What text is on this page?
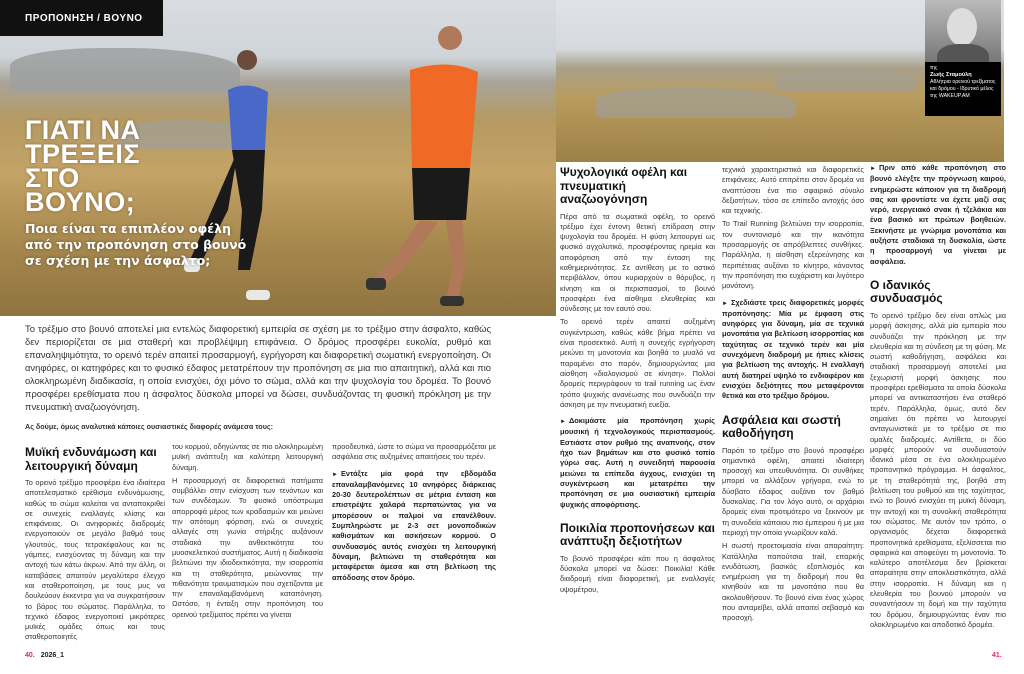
ΠΡΟΠΟΝΗΣΗ / ΒΟΥΝΟ
ΓΙΑΤΙ ΝΑ
ΤΡΕΞΕΙΣ
ΣΤΟ
ΒΟΥΝΟ;
Ποια είναι τα επιπλέον οφέλη από την προπόνηση στο βουνό σε σχέση με την άσφαλτο;
της
Ζωής Σταμούλη
Αθλήτρια ορεινού τρεξίματος και δρόμου - Ιδρυτικό μέλος της WAKEUP.AM
Το τρέξιμο στο βουνό αποτελεί μια εντελώς διαφορετική εμπειρία σε σχέση με το τρέξιμο στην άσφαλτο, καθώς δεν περιορίζεται σε μια σταθερή και προβλέψιμη επιφάνεια. Ο δρόμος προσφέρει ευκολία, ρυθμό και επαναληψιμότητα, το ορεινό τερέν απαιτεί προσαρμογή, εγρήγορση και διαφορετική σωματική ενεργοποίηση. Οι ανηφόρες, οι κατηφόρες και το φυσικό έδαφος μετατρέπουν την προπόνηση σε μια πιο απαιτητική, αλλά και πιο ολοκληρωμένη διαδικασία, η οποία ενισχύει, όχι μόνο το σώμα, αλλά και την ψυχολογία του δρομέα. Το βουνό προσφέρει ερεθίσματα που η άσφαλτος δύσκολα μπορεί να δώσει, συνδυάζοντας τη φυσική πρόκληση με την πνευματική αναζωογόνηση.
Ας δούμε, όμως αναλυτικά κάποιες ουσιαστικές διαφορές ανάμεσα τους:
Μυϊκή ενδυνάμωση και λειτουργική δύναμη

Το ορεινό τρέξιμο προσφέρει ένα ιδιαίτερα αποτελεσματικό ερέθισμα ενδυνάμωσης, καθώς το σώμα καλείται να ανταποκριθεί σε συνεχείς εναλλαγές κλίσης και επιφάνειας. Οι ανηφορικές διαδρομές ενεργοποιούν σε μεγάλο βαθμό τους γλουτούς, τους τετρακέφαλους και τις γάμπες, ενισχύοντας τη δύναμη και την αντοχή των κάτω άκρων. Από την άλλη, οι καταβάσεις απαιτούν μεγαλύτερο έλεγχο και σταθεροποίηση, με τους μυς να δουλεύουν έκκεντρα για να συγκρατήσουν το βάρος του σώματος. Παράλληλα, το τεχνικό έδαφος ενεργοποιεί μικρότερες μυϊκές ομάδες όπως και τους σταθεροποιητές

του κορμού, οδηγώντας σε πιο ολοκληρωμένη μυϊκή ανάπτυξη και καλύτερη λειτουργική δύναμη.

Η προσαρμογή σε διαφορετικά πατήματα συμβάλλει στην ενίσχυση των τενόντων και των συνδέσμων. Το φυσικό υπόστρωμα απορροφά μέρος των κραδασμών και μειώνει την απότομη φόρτιση, ενώ οι συνεχείς αλλαγές στη γωνία στήριξης αυξάνουν σταδιακά την ανθεκτικότητα του μυοσκελετικού συστήματος. Αυτή η διαδικασία βελτιώνει την ιδιοδεκτικότητα, την ισορροπία και τη σταθερότητα, μειώνοντας την πιθανότητα τραυματισμών που σχετίζονται με την επαναλαμβανόμενη καταπόνηση. Ωστόσο, η ένταξη στην προπόνηση του ορεινού τρεξίματος πρέπει να γίνεται

προοδευτικά, ώστε το σώμα να προσαρμόζεται με ασφάλεια στις αυξημένες απαιτήσεις του τερέν.

► Εντάξτε μία φορά την εβδομάδα επαναλαμβανόμενες 10 ανηφόρες διάρκειας 20-30 δευτερολέπτων σε μέτρια ένταση και επιστρέψτε χαλαρά περπατώντας για να μπορέσουν οι παλμοί να επανέλθουν. Συμπληρώστε με 2-3 σετ μονοποδικών καθισμάτων και ασκήσεων κορμού. Ο συνδυασμός αυτός ενισχύει τη λειτουργική δύναμη, βελτιώνει τη σταθερότητα και μεταφέρεται άμεσα και στη βελτίωση της απόδοσης στον δρόμο.

40. 2026_1
Ψυχολογικά οφέλη και πνευματική αναζωογόνηση

Πέρα από τα σωματικά οφέλη, το ορεινό τρέξιμο έχει έντονη θετική επίδραση στην ψυχολογία του δρομέα. Η φύση λειτουργεί ως φυσικό αγχολυτικό, προσφέροντας ηρεμία και αποφόρτιση από την ένταση της καθημερινότητας. Σε αντίθεση με το αστικό περιβάλλον, όπου κυριαρχούν ο θόρυβος, η κίνηση και οι περισπασμοί, το βουνό προσφέρει ένα αίσθημα ελευθερίας και σύνδεσης με τον εαυτό σου.

Το ορεινό τερέν απαιτεί αυξημένη συγκέντρωση, καθώς κάθε βήμα πρέπει να είναι προσεκτικό. Αυτή η συνεχής εγρήγορση μειώνει τη μονοτονία και βοηθά το μυαλό να παραμένει στο παρόν, δημιουργώντας μια αίσθηση «διαλογισμού σε κίνηση». Πολλοί δρομείς περιγράφουν το trail running ως έναν τρόπο ψυχικής ανανέωσης που συνδυάζει την άσκηση με την πνευματική ευεξία.

► Δοκιμάστε μία προπόνηση χωρίς μουσική ή τεχνολογικούς περισπασμούς. Εστιάστε στον ρυθμό της αναπνοής, στον ήχο των βημάτων και στο φυσικό τοπίο γύρω σας. Αυτή η συνειδητή παρουσία μειώνει τα επίπεδα άγχους, ενισχύει τη συγκέντρωση και μετατρέπει την προπόνηση σε μια ουσιαστική εμπειρία ψυχικής αποφόρτισης.

Ποικιλία προπονήσεων και ανάπτυξη δεξιοτήτων

Το βουνό προσφέρει κάτι που η άσφαλτος δύσκολα μπορεί να δώσει: Ποικιλία! Κάθε διαδρομή είναι διαφορετική, με εναλλαγές υψομέτρου,

τεχνικά χαρακτηριστικά και διαφορετικές επιφάνειες. Αυτό επιτρέπει στον δρομέα να αναπτύσσει ένα πιο σφαιρικό σύνολο δεξιοτήτων, τόσο σε επίπεδο αντοχής όσο και τεχνικής.

Το Trail Running βελτιώνει την ισορροπία, τον συντονισμό και την ικανότητα προσαρμογής σε απρόβλεπτες συνθήκες. Παράλληλα, η αίσθηση εξερεύνησης και περιπέτειας αυξάνει το κίνητρο, κάνοντας την προπόνηση πιο ευχάριστη και λιγότερο μονότονη.

► Σχεδιάστε τρεις διαφορετικές μορφές προπόνησης: Μία με έμφαση στις ανηφόρες για δύναμη, μία σε τεχνικά μονοπάτια για βελτίωση ισορροπίας και ταχύτητας σε τεχνικό τερέν και μία συνεχόμενη διαδρομή με ήπιες κλίσεις για βελτίωση της αντοχής. Η εναλλαγή αυτή διατηρεί υψηλό το ενδιαφέρον και ενισχύει δεξιότητες που μεταφέρονται θετικά και στο τρέξιμο δρόμου.

Ασφάλεια και σωστή καθοδήγηση

Παρότι το τρέξιμο στο βουνό προσφέρει σημαντικά οφέλη, απαιτεί ιδιαίτερη προσοχή και υπευθυνότητα. Οι συνθήκες μπορεί να αλλάξουν γρήγορα, ενώ το δύσβατο έδαφος αυξάνει τον βαθμό δυσκολίας. Για τον λόγο αυτό, οι αρχάριοι δρομείς είναι προτιμότερο να ξεκινούν με τη συνοδεία κάποιου πιο έμπειρου ή με μια περιοχή την οποία γνωρίζουν καλά.

Η σωστή προετοιμασία είναι απαραίτητη: Κατάλληλα παπούτσια trail, επαρκής ενυδάτωση, βασικός εξοπλισμός και ενημέρωση για τη διαδρομή που θα κινηθούν και τα μονοπάτια που θα ακολουθήσουν. Το βουνό είναι ένας χώρος που ανταμείβει, αλλά απαιτεί σεβασμό και προσοχή.

► Πριν από κάθε προπόνηση στο βουνό ελέγξτε την πρόγνωση καιρού, ενημερώστε κάποιον για τη διαδρομή σας και φροντίστε να έχετε μαζί σας νερό, ενεργειακό σνακ ή τζελάκια και ένα βασικό κιτ πρώτων βοηθειών. Ξεκινήστε με γνώριμα μονοπάτια και αυξήστε σταδιακά τη δυσκολία, ώστε η προσαρμογή να γίνεται με ασφάλεια.

Ο ιδανικός συνδυασμός

Το ορεινό τρέξιμο δεν είναι απλώς μια μορφή άσκησης, αλλά μία εμπειρία που συνδυάζει την πρόκληση με την ελευθερία και τη σύνδεση με τη φύση. Με σωστή καθοδήγηση, ασφάλεια και σταδιακή προσαρμογή αποτελεί μια ξεχωριστή μορφή άσκησης που προσφέρει ερεθίσματα τα οποία δύσκολα μπορεί να αντικαταστήσει ένα σταθερό τερέν. Παράλληλα, όμως, αυτό δεν σημαίνει ότι πρέπει να λειτουργεί ανταγωνιστικά με το τρέξιμο σε πιο ομαλές διαδρομές. Αντίθετα, οι δύο μορφές μπορούν να συνδυαστούν ιδανικά μέσα σε ένα ολοκληρωμένο προπονητικό πρόγραμμα. Η άσφαλτος, με τη σταθερότητά της, βοηθά στη βελτίωση του ρυθμού και της ταχύτητας, ενώ το βουνό ενισχύει τη μυϊκή δύναμη, την αντοχή και τη συνολική σταθερότητα του σώματος. Με αυτόν τον τρόπο, ο οργανισμός δέχεται διαφορετικά προπονητικά ερεθίσματα, εξελίσσεται πιο σφαιρικά και αποφεύγει τη μονοτονία. Το καλύτερο αποτέλεσμα δεν βρίσκεται απαραίτητα στην αποκλειστικότητα, αλλά στην ισορροπία. Η δύναμη και η ελευθερία του βουνού μπορούν να συναντήσουν τη δομή και την ταχύτητα του δρόμου, δημιουργώντας έναν πιο ολοκληρωμένο και αποδοτικό δρομέα.

41.
